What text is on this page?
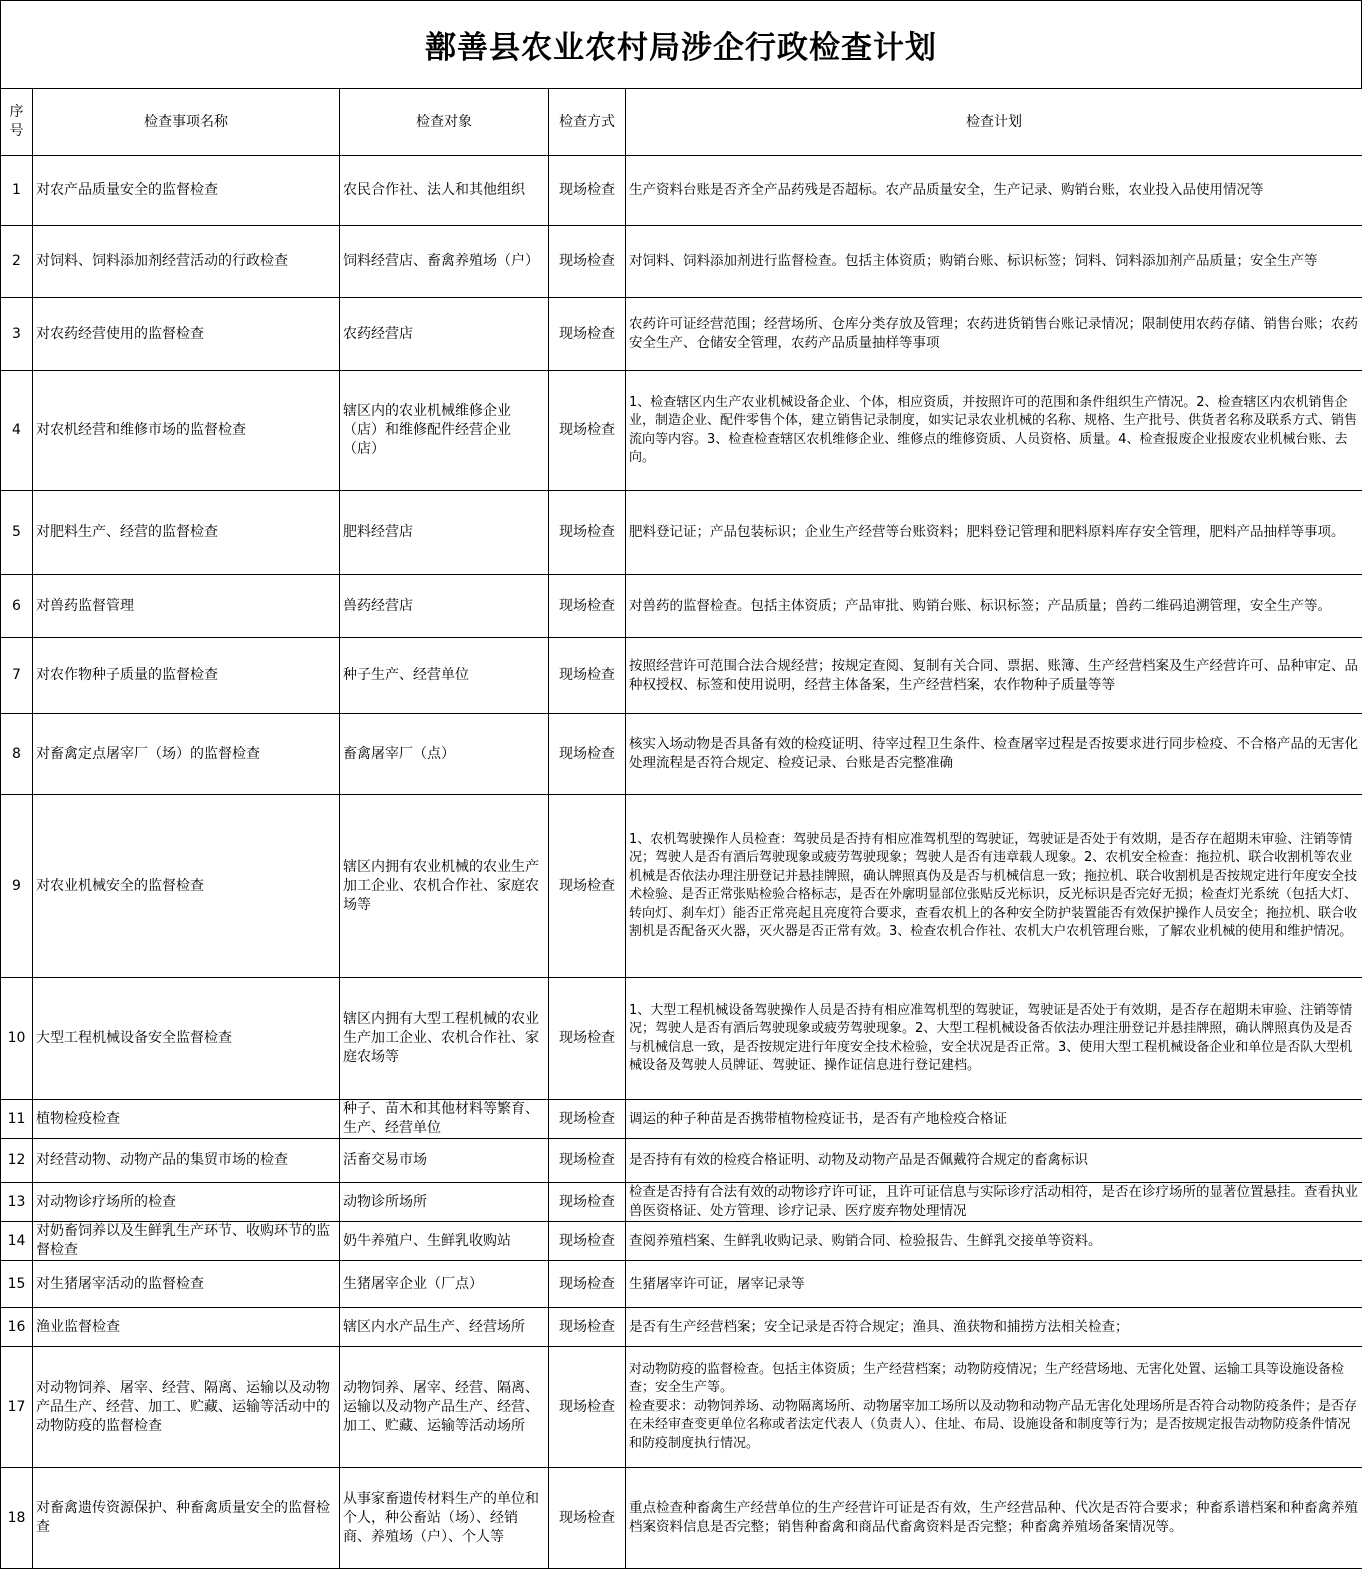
鄯善县农业农村局涉企行政检查计划
序号	检查事项名称	检查对象	检查方式	检查计划
1	对农产品质量安全的监督检查	农民合作社、法人和其他组织	现场检查	生产资料台账是否齐全产品药残是否超标。农产品质量安全，生产记录、购销台账，农业投入品使用情况等
2	对饲料、饲料添加剂经营活动的行政检查	饲料经营店、畜禽养殖场（户）	现场检查	对饲料、饲料添加剂进行监督检查。包括主体资质；购销台账、标识标签；饲料、饲料添加剂产品质量；安全生产等
3	对农药经营使用的监督检查	农药经营店	现场检查	农药许可证经营范围；经营场所、仓库分类存放及管理；农药进货销售台账记录情况；限制使用农药存储、销售台账；农药安全生产、仓储安全管理，农药产品质量抽样等事项
4	对农机经营和维修市场的监督检查	辖区内的农业机械维修企业（店）和维修配件经营企业（店）	现场检查	1、检查辖区内生产农业机械设备企业、个体，相应资质，并按照许可的范围和条件组织生产情况。2、检查辖区内农机销售企业，制造企业、配件零售个体，建立销售记录制度，如实记录农业机械的名称、规格、生产批号、供货者名称及联系方式、销售流向等内容。3、检查检查辖区农机维修企业、维修点的维修资质、人员资格、质量。4、检查报废企业报废农业机械台账、去向。
5	对肥料生产、经营的监督检查	肥料经营店	现场检查	肥料登记证；产品包装标识；企业生产经营等台账资料；肥料登记管理和肥料原料库存安全管理，肥料产品抽样等事项。
6	对兽药监督管理	兽药经营店	现场检查	对兽药的监督检查。包括主体资质；产品审批、购销台账、标识标签；产品质量；兽药二维码追溯管理，安全生产等。
7	对农作物种子质量的监督检查	种子生产、经营单位	现场检查	按照经营许可范围合法合规经营；按规定查阅、复制有关合同、票据、账簿、生产经营档案及生产经营许可、品种审定、品种权授权、标签和使用说明，经营主体备案，生产经营档案，农作物种子质量等等
8	对畜禽定点屠宰厂（场）的监督检查	畜禽屠宰厂（点）	现场检查	核实入场动物是否具备有效的检疫证明、待宰过程卫生条件、检查屠宰过程是否按要求进行同步检疫、不合格产品的无害化处理流程是否符合规定、检疫记录、台账是否完整准确
9	对农业机械安全的监督检查	辖区内拥有农业机械的农业生产加工企业、农机合作社、家庭农场等	现场检查	1、农机驾驶操作人员检查：驾驶员是否持有相应准驾机型的驾驶证，驾驶证是否处于有效期，是否存在超期未审验、注销等情况；驾驶人是否有酒后驾驶现象或疲劳驾驶现象；驾驶人是否有违章载人现象。2、农机安全检查：拖拉机、联合收割机等农业机械是否依法办理注册登记并悬挂牌照，确认牌照真伪及是否与机械信息一致；拖拉机、联合收割机是否按规定进行年度安全技术检验、是否正常张贴检验合格标志，是否在外廓明显部位张贴反光标识，反光标识是否完好无损；检查灯光系统（包括大灯、转向灯、刹车灯）能否正常亮起且亮度符合要求，查看农机上的各种安全防护装置能否有效保护操作人员安全；拖拉机、联合收割机是否配备灭火器，灭火器是否正常有效。3、检查农机合作社、农机大户农机管理台账，了解农业机械的使用和维护情况。
10	大型工程机械设备安全监督检查	辖区内拥有大型工程机械的农业生产加工企业、农机合作社、家庭农场等	现场检查	1、大型工程机械设备驾驶操作人员是否持有相应准驾机型的驾驶证，驾驶证是否处于有效期，是否存在超期未审验、注销等情况；驾驶人是否有酒后驾驶现象或疲劳驾驶现象。2、大型工程机械设备否依法办理注册登记并悬挂牌照，确认牌照真伪及是否与机械信息一致，是否按规定进行年度安全技术检验，安全状况是否正常。3、使用大型工程机械设备企业和单位是否队大型机械设备及驾驶人员牌证、驾驶证、操作证信息进行登记建档。
11	植物检疫检查	种子、苗木和其他材料等繁育、生产、经营单位	现场检查	调运的种子种苗是否携带植物检疫证书，是否有产地检疫合格证
12	对经营动物、动物产品的集贸市场的检查	活畜交易市场	现场检查	是否持有有效的检疫合格证明、动物及动物产品是否佩戴符合规定的畜禽标识
13	对动物诊疗场所的检查	动物诊所场所	现场检查	检查是否持有合法有效的动物诊疗许可证，且许可证信息与实际诊疗活动相符，是否在诊疗场所的显著位置悬挂。查看执业兽医资格证、处方管理、诊疗记录、医疗废弃物处理情况
14	对奶畜饲养以及生鲜乳生产环节、收购环节的监督检查	奶牛养殖户、生鲜乳收购站	现场检查	查阅养殖档案、生鲜乳收购记录、购销合同、检验报告、生鲜乳交接单等资料。
15	对生猪屠宰活动的监督检查	生猪屠宰企业（厂点）	现场检查	生猪屠宰许可证，屠宰记录等
16	渔业监督检查	辖区内水产品生产、经营场所	现场检查	是否有生产经营档案；安全记录是否符合规定；渔具、渔获物和捕捞方法相关检查；
17	对动物饲养、屠宰、经营、隔离、运输以及动物产品生产、经营、加工、贮藏、运输等活动中的动物防疫的监督检查	动物饲养、屠宰、经营、隔离、运输以及动物产品生产、经营、加工、贮藏、运输等活动场所	现场检查	对动物防疫的监督检查。包括主体资质；生产经营档案；动物防疫情况；生产经营场地、无害化处置、运输工具等设施设备检查；安全生产等。
检查要求：动物饲养场、动物隔离场所、动物屠宰加工场所以及动物和动物产品无害化处理场所是否符合动物防疫条件；是否存在未经审查变更单位名称或者法定代表人（负责人）、住址、布局、设施设备和制度等行为；是否按规定报告动物防疫条件情况和防疫制度执行情况。
18	对畜禽遗传资源保护、种畜禽质量安全的监督检查	从事家畜遗传材料生产的单位和个人，种公畜站（场）、经销商、养殖场（户）、个人等	现场检查	重点检查种畜禽生产经营单位的生产经营许可证是否有效，生产经营品种、代次是否符合要求；种畜系谱档案和种畜禽养殖档案资料信息是否完整；销售种畜禽和商品代畜禽资料是否完整；种畜禽养殖场备案情况等。
